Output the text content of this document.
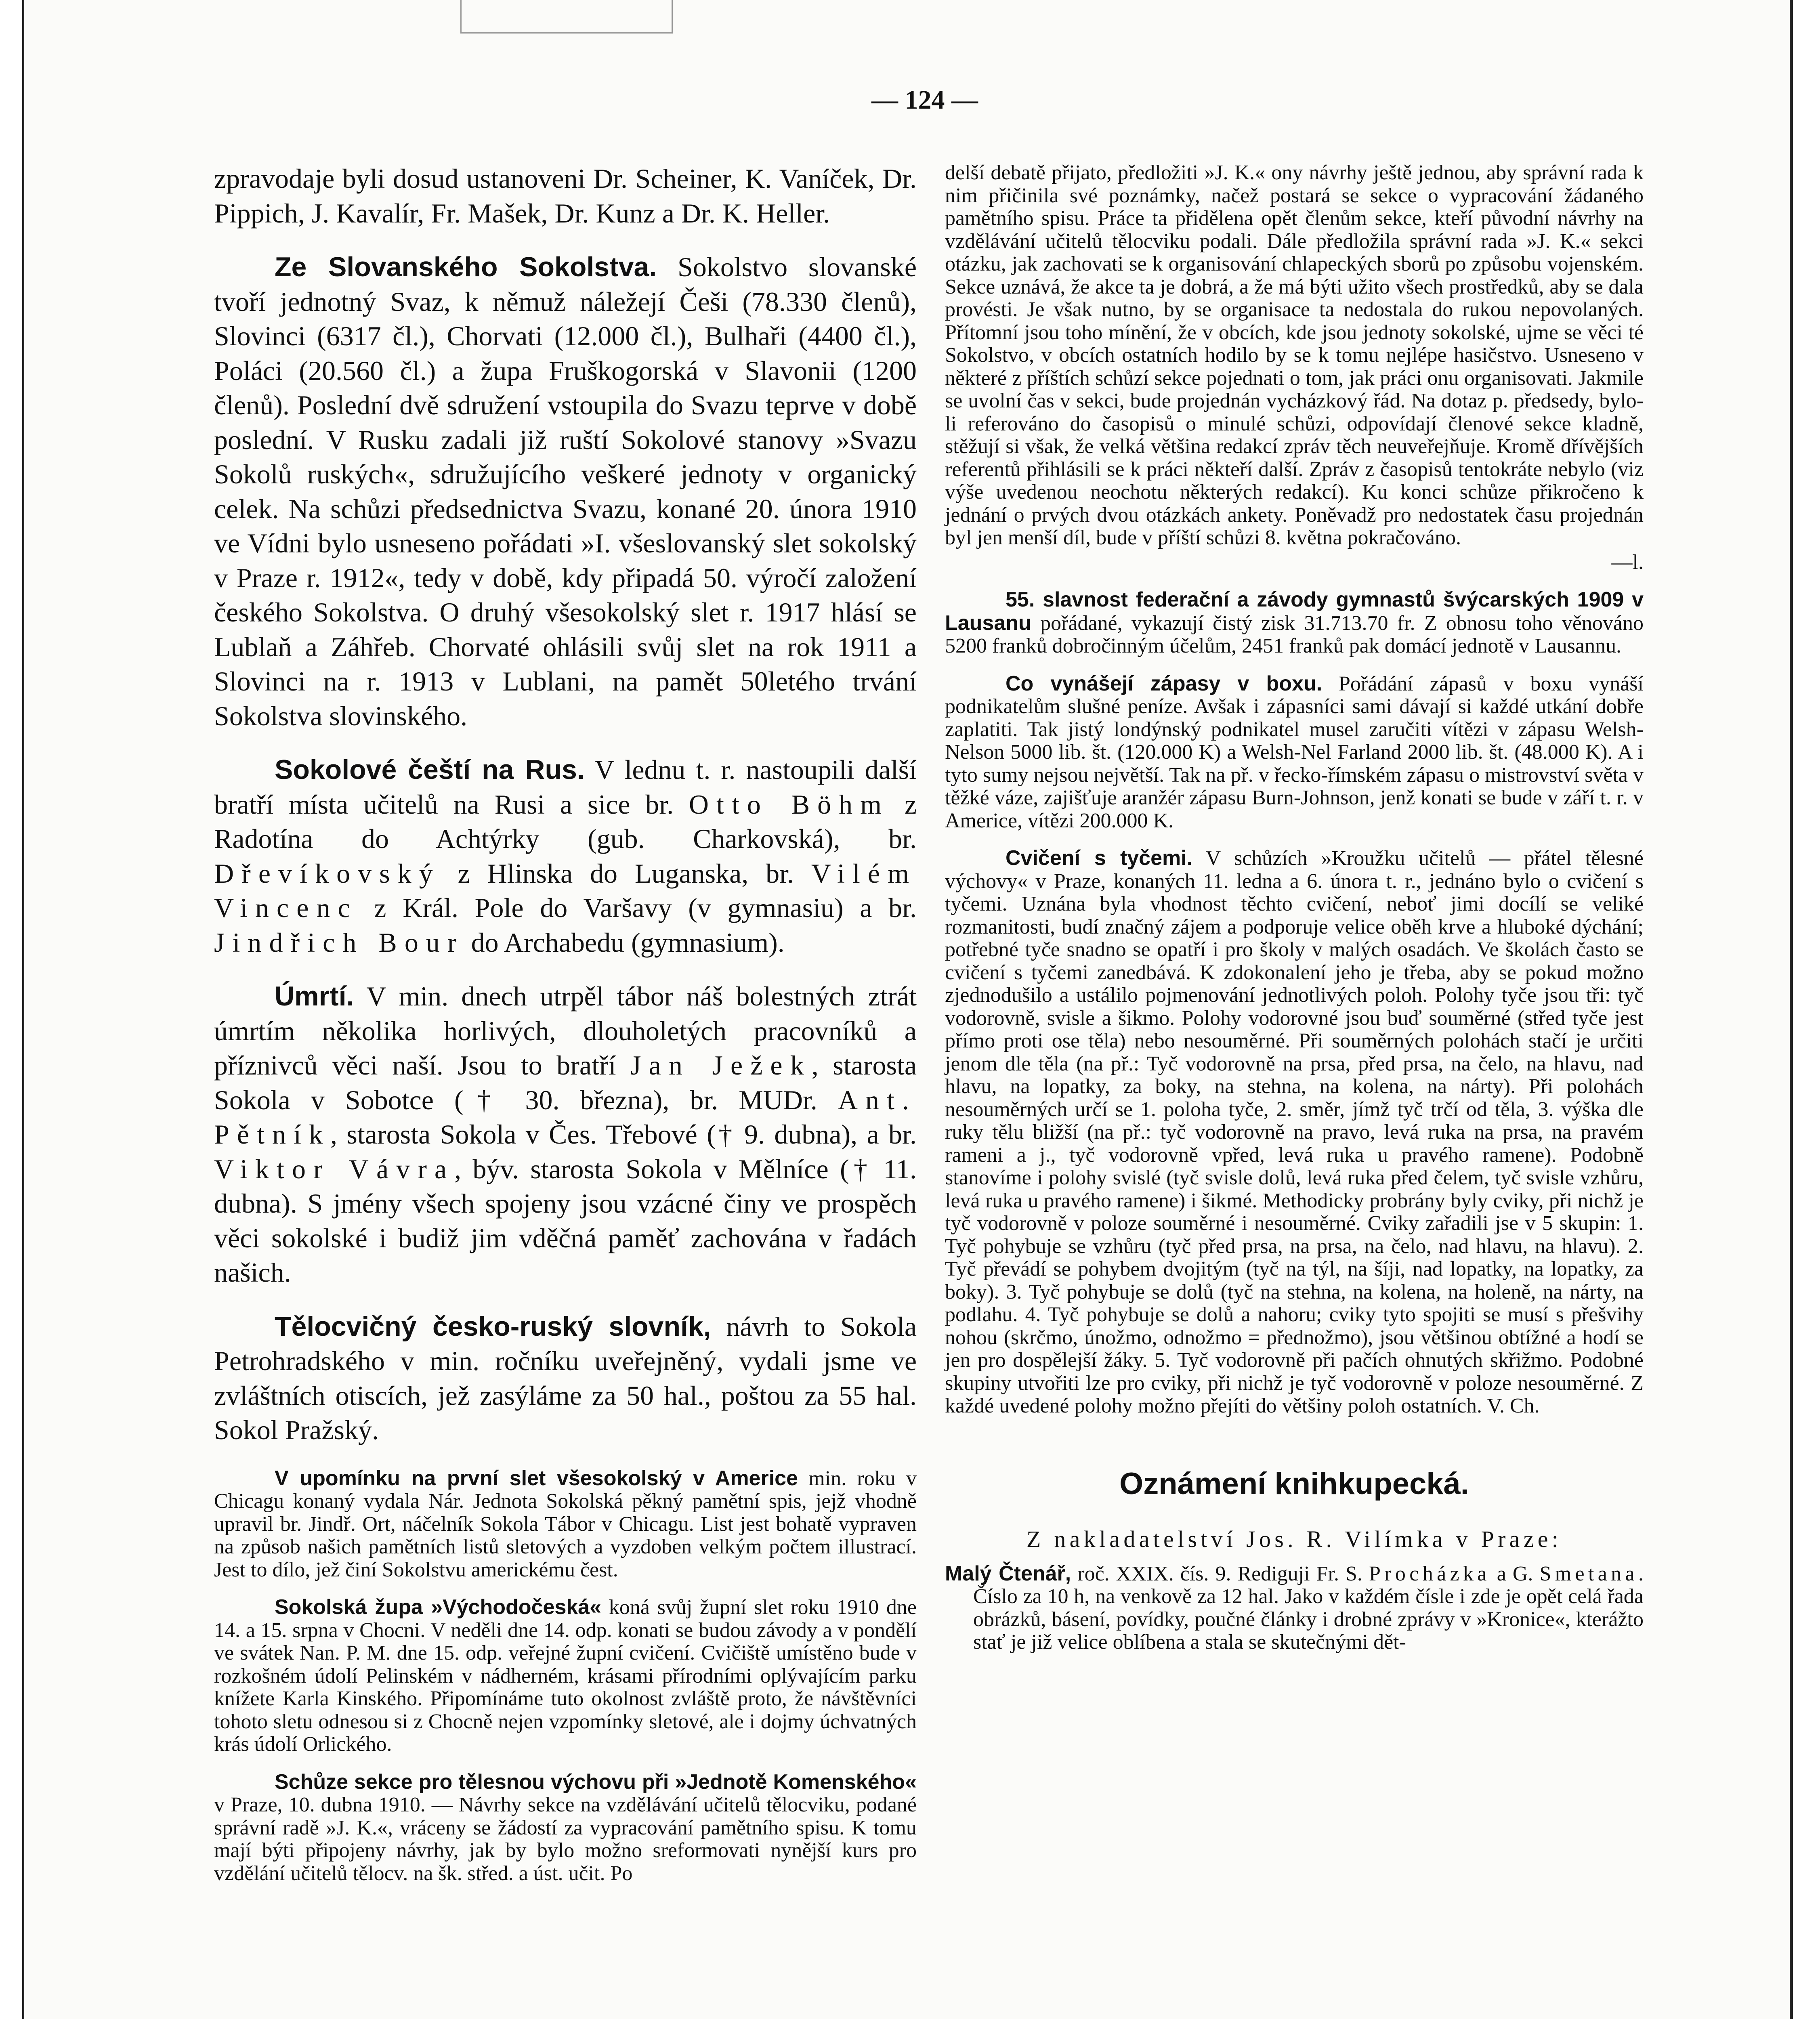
— 124 —

zpravodaje byli dosud ustanoveni Dr. Scheiner, K. Vaníček, Dr. Pippich, J. Kavalír, Fr. Mašek, Dr. Kunz a Dr. K. Heller.

Ze Slovanského Sokolstva. Sokolstvo slovanské tvoří jednotný Svaz, k němuž náležejí Češi (78.330 členů), Slovinci (6317 čl.), Chorvati (12.000 čl.), Bulhaři (4400 čl.), Poláci (20.560 čl.) a župa Fruškogorská v Slavonii (1200 členů). Poslední dvě sdružení vstoupila do Svazu teprve v době poslední. V Rusku zadali již ruští Sokolové stanovy »Svazu Sokolů ruských«, sdružujícího veškeré jednoty v organický celek. Na schůzi předsednictva Svazu, konané 20. února 1910 ve Vídni bylo usneseno pořádati »I. všeslovanský slet sokolský v Praze r. 1912«, tedy v době, kdy připadá 50. výročí založení českého Sokolstva. O druhý všesokolský slet r. 1917 hlásí se Lublaň a Záhřeb. Chorvaté ohlásili svůj slet na rok 1911 a Slovinci na r. 1913 v Lublani, na pamět 50letého trvání Sokolstva slovinského.

Sokolové čeští na Rus. V lednu t. r. nastoupili další bratří místa učitelů na Rusi a sice br. Otto Böhm z Radotína do Achtýrky (gub. Charkovská), br. Dřevíkovský z Hlinska do Luganska, br. Vilém Vincenc z Král. Pole do Varšavy (v gymnasiu) a br. Jindřich Bour do Archabedu (gymnasium).

Úmrtí. V min. dnech utrpěl tábor náš bolestných ztrát úmrtím několika horlivých, dlouholetých pracovníků a příznivců věci naší. Jsou to bratří Jan Ježek, starosta Sokola v Sobotce († 30. března), br. MUDr. Ant. Pětník, starosta Sokola v Čes. Třebové († 9. dubna), a br. Viktor Vávra, býv. starosta Sokola v Mělníce († 11. dubna). S jmény všech spojeny jsou vzácné činy ve prospěch věci sokolské i budiž jim vděčná paměť zachována v řadách našich.

Tělocvičný česko-ruský slovník, návrh to Sokola Petrohradského v min. ročníku uveřejněný, vydali jsme ve zvláštních otiscích, jež zasýláme za 50 hal., poštou za 55 hal. Sokol Pražský.

V upomínku na první slet všesokolský v Americe min. roku v Chicagu konaný vydala Nár. Jednota Sokolská pěkný pamětní spis, jejž vhodně upravil br. Jindř. Ort, náčelník Sokola Tábor v Chicagu. List jest bohatě vypraven na způsob našich pamětních listů sletových a vyzdoben velkým počtem illustrací. Jest to dílo, jež činí Sokolstvu americkému čest.

Sokolská župa »Východočeská« koná svůj župní slet roku 1910 dne 14. a 15. srpna v Chocni. V neděli dne 14. odp. konati se budou závody a v pondělí ve svátek Nan. P. M. dne 15. odp. veřejné župní cvičení. Cvičiště umístěno bude v rozkošném údolí Pelinském v nádherném, krásami přírodními oplývajícím parku knížete Karla Kinského. Připomínáme tuto okolnost zvláště proto, že návštěvníci tohoto sletu odnesou si z Chocně nejen vzpomínky sletové, ale i dojmy úchvatných krás údolí Orlického.

Schůze sekce pro tělesnou výchovu při »Jednotě Komenského« v Praze, 10. dubna 1910. — Návrhy sekce na vzdělávání učitelů tělocviku, podané správní radě »J. K.«, vráceny se žádostí za vypracování pamětního spisu. K tomu mají býti připojeny návrhy, jak by bylo možno sreformovati nynější kurs pro vzdělání učitelů tělocv. na šk. střed. a úst. učit. Po

delší debatě přijato, předložiti »J. K.« ony návrhy ještě jednou, aby správní rada k nim přičinila své poznámky, načež postará se sekce o vypracování žádaného pamětního spisu. Práce ta přidělena opět členům sekce, kteří původní návrhy na vzdělávání učitelů tělocviku podali. Dále předložila správní rada »J. K.« sekci otázku, jak zachovati se k organisování chlapeckých sborů po způsobu vojenském. Sekce uznává, že akce ta je dobrá, a že má býti užito všech prostředků, aby se dala provésti. Je však nutno, by se organisace ta nedostala do rukou nepovolaných. Přítomní jsou toho mínění, že v obcích, kde jsou jednoty sokolské, ujme se věci té Sokolstvo, v obcích ostatních hodilo by se k tomu nejlépe hasičstvo. Usneseno v některé z příštích schůzí sekce pojednati o tom, jak práci onu organisovati. Jakmile se uvolní čas v sekci, bude projednán vycházkový řád. Na dotaz p. předsedy, bylo-li referováno do časopisů o minulé schůzi, odpovídají členové sekce kladně, stěžují si však, že velká většina redakcí zpráv těch neuveřejňuje. Kromě dřívějších referentů přihlásili se k práci někteří další. Zpráv z časopisů tentokráte nebylo (viz výše uvedenou neochotu některých redakcí). Ku konci schůze přikročeno k jednání o prvých dvou otázkách ankety. Poněvadž pro nedostatek času projednán byl jen menší díl, bude v příští schůzi 8. května pokračováno.

—l.

55. slavnost federační a závody gymnastů švýcarských 1909 v Lausanu pořádané, vykazují čistý zisk 31.713.70 fr. Z obnosu toho věnováno 5200 franků dobročinným účelům, 2451 franků pak domácí jednotě v Lausannu.

Co vynášejí zápasy v boxu. Pořádání zápasů v boxu vynáší podnikatelům slušné peníze. Avšak i zápasníci sami dávají si každé utkání dobře zaplatiti. Tak jistý londýnský podnikatel musel zaručiti vítězi v zápasu Welsh-Nelson 5000 lib. št. (120.000 K) a Welsh-Nel Farland 2000 lib. št. (48.000 K). A i tyto sumy nejsou největší. Tak na př. v řecko-římském zápasu o mistrovství světa v těžké váze, zajišťuje aranžér zápasu Burn-Johnson, jenž konati se bude v září t. r. v Americe, vítězi 200.000 K.

Cvičení s tyčemi. V schůzích »Kroužku učitelů — přátel tělesné výchovy« v Praze, konaných 11. ledna a 6. února t. r., jednáno bylo o cvičení s tyčemi. Uznána byla vhodnost těchto cvičení, neboť jimi docílí se veliké rozmanitosti, budí značný zájem a podporuje velice oběh krve a hluboké dýchání; potřebné tyče snadno se opatří i pro školy v malých osadách. Ve školách často se cvičení s tyčemi zanedbává. K zdokonalení jeho je třeba, aby se pokud možno zjednodušilo a ustálilo pojmenování jednotlivých poloh. Polohy tyče jsou tři: tyč vodorovně, svisle a šikmo. Polohy vodorovné jsou buď souměrné (střed tyče jest přímo proti ose těla) nebo nesouměrné. Při souměrných polohách stačí je určiti jenom dle těla (na př.: Tyč vodorovně na prsa, před prsa, na čelo, na hlavu, nad hlavu, na lopatky, za boky, na stehna, na kolena, na nárty). Při polohách nesouměrných určí se 1. poloha tyče, 2. směr, jímž tyč trčí od těla, 3. výška dle ruky tělu bližší (na př.: tyč vodorovně na pravo, levá ruka na prsa, na pravém rameni a j., tyč vodorovně vpřed, levá ruka u pravého ramene). Podobně stanovíme i polohy svislé (tyč svisle dolů, levá ruka před čelem, tyč svisle vzhůru, levá ruka u pravého ramene) i šikmé. Methodicky probrány byly cviky, při nichž je tyč vodorovně v poloze souměrné i nesouměrné. Cviky zařadili jse v 5 skupin: 1. Tyč pohybuje se vzhůru (tyč před prsa, na prsa, na čelo, nad hlavu, na hlavu). 2. Tyč převádí se pohybem dvojitým (tyč na týl, na šíji, nad lopatky, na lopatky, za boky). 3. Tyč pohybuje se dolů (tyč na stehna, na kolena, na holeně, na nárty, na podlahu. 4. Tyč pohybuje se dolů a nahoru; cviky tyto spojiti se musí s přešvihy nohou (skrčmo, únožmo, odnožmo = přednožmo), jsou většinou obtížné a hodí se jen pro dospělejší žáky. 5. Tyč vodorovně při pačích ohnutých skřižmo. Podobné skupiny utvořiti lze pro cviky, při nichž je tyč vodorovně v poloze nesouměrné. Z každé uvedené polohy možno přejíti do většiny poloh ostatních. V. Ch.

Oznámení knihkupecká.
Z nakladatelství Jos. R. Vilímka v Praze:

Malý Čtenář, roč. XXIX. čís. 9. Rediguji Fr. S. Procházka a G. Smetana. Číslo za 10 h, na venkově za 12 hal. Jako v každém čísle i zde je opět celá řada obrázků, básení, povídky, poučné články i drobné zprávy v »Kronice«, kterážto stať je již velice oblíbena a stala se skutečnými dět-
